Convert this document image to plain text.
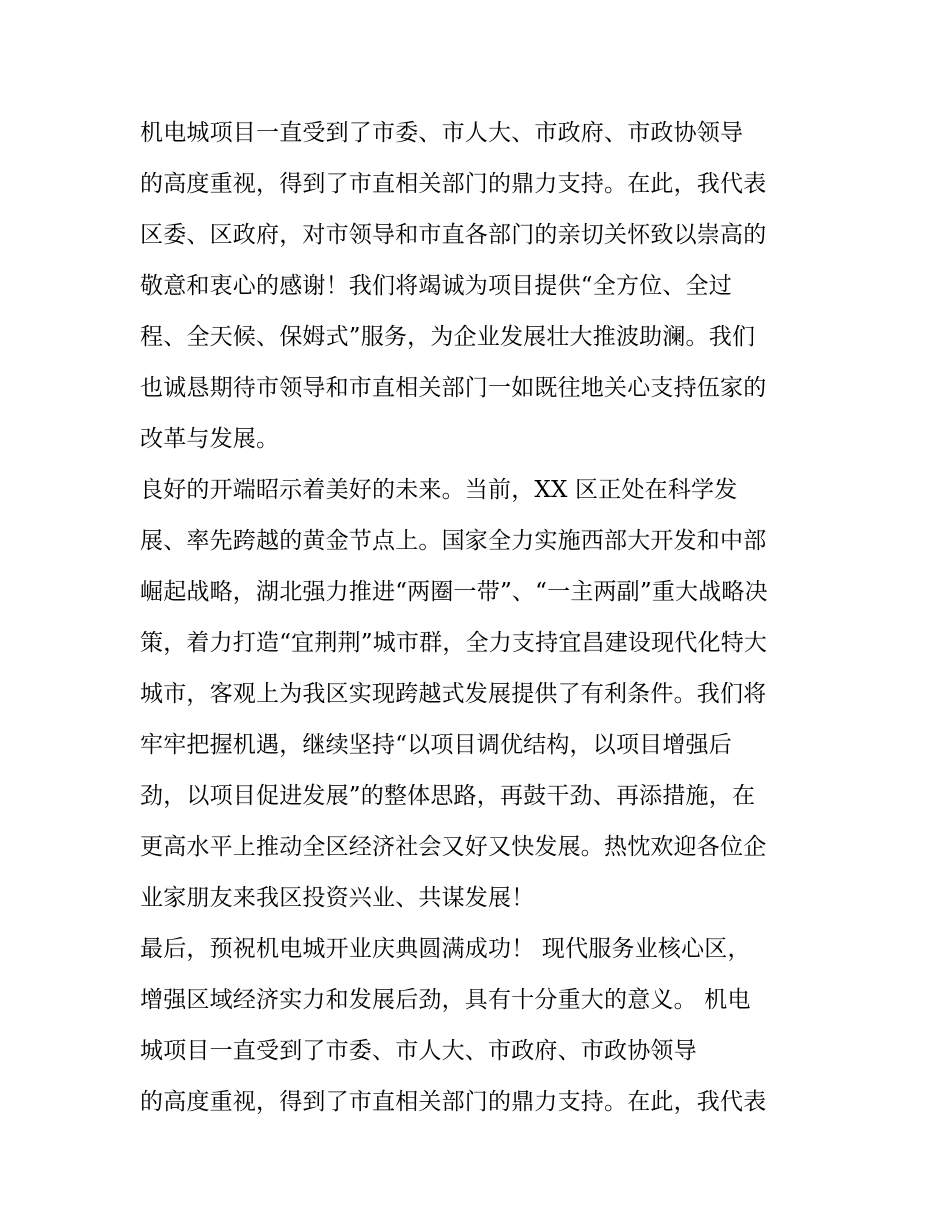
机电城项目一直受到了市委、市人大、市政府、市政协领导
的高度重视，得到了市直相关部门的鼎力支持。在此，我代表
区委、区政府，对市领导和市直各部门的亲切关怀致以崇高的
敬意和衷心的感谢！我们将竭诚为项目提供“全方位、全过
程、全天候、保姆式”服务，为企业发展壮大推波助澜。我们
也诚恳期待市领导和市直相关部门一如既往地关心支持伍家的
改革与发展。
良好的开端昭示着美好的未来。当前，XX 区正处在科学发
展、率先跨越的黄金节点上。国家全力实施西部大开发和中部
崛起战略，湖北强力推进“两圈一带”、“一主两副”重大战略决
策，着力打造“宜荆荆”城市群，全力支持宜昌建设现代化特大
城市，客观上为我区实现跨越式发展提供了有利条件。我们将
牢牢把握机遇，继续坚持“以项目调优结构，以项目增强后
劲，以项目促进发展”的整体思路，再鼓干劲、再添措施，在
更高水平上推动全区经济社会又好又快发展。热忱欢迎各位企
业家朋友来我区投资兴业、共谋发展！
最后，预祝机电城开业庆典圆满成功！ 现代服务业核心区，
增强区域经济实力和发展后劲，具有十分重大的意义。 机电
城项目一直受到了市委、市人大、市政府、市政协领导
的高度重视，得到了市直相关部门的鼎力支持。在此，我代表
